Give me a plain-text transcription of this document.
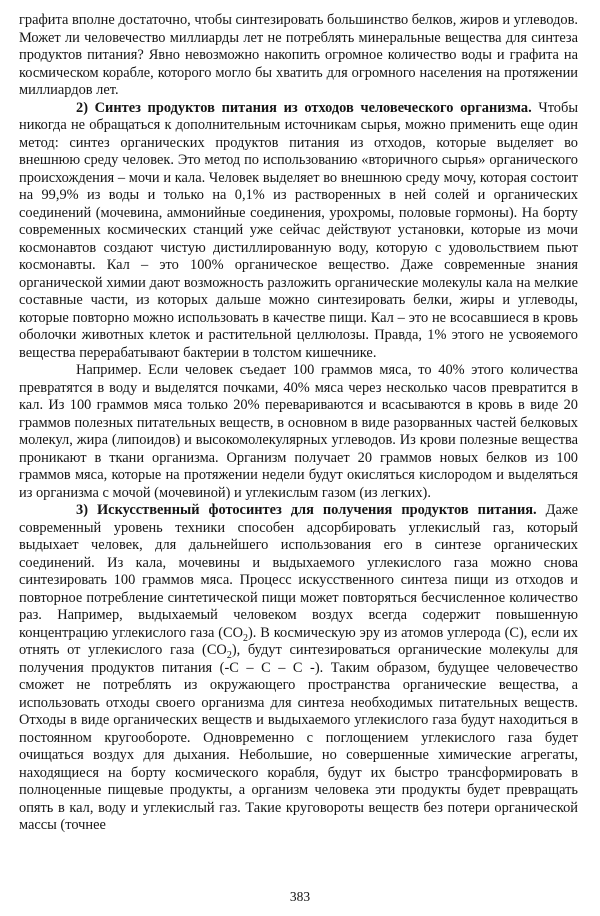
графита вполне достаточно, чтобы синтезировать большинство белков, жиров и углеводов. Может ли человечество миллиарды лет не потреблять минеральные вещества для синтеза продуктов питания? Явно невозможно накопить огромное количество воды и графита на космическом корабле, которого могло бы хватить для огромного населения на протяжении миллиардов лет.

2) Синтез продуктов питания из отходов человеческого организма. Чтобы никогда не обращаться к дополнительным источникам сырья, можно применить еще один метод: синтез органических продуктов питания из отходов, которые выделяет во внешнюю среду человек. Это метод по использованию «вторичного сырья» органического происхождения – мочи и кала. Человек выделяет во внешнюю среду мочу, которая состоит на 99,9% из воды и только на 0,1% из растворенных в ней солей и органических соединений (мочевина, аммонийные соединения, урохромы, половые гормоны). На борту современных космических станций уже сейчас действуют установки, которые из мочи космонавтов создают чистую дистиллированную воду, которую с удовольствием пьют космонавты. Кал – это 100% органическое вещество. Даже современные знания органической химии дают возможность разложить органические молекулы кала на мелкие составные части, из которых дальше можно синтезировать белки, жиры и углеводы, которые повторно можно использовать в качестве пищи. Кал – это не всосавшиеся в кровь оболочки животных клеток и растительной целлюлозы. Правда, 1% этого не усвояемого вещества перерабатывают бактерии в толстом кишечнике.

Например. Если человек съедает 100 граммов мяса, то 40% этого количества превратятся в воду и выделятся почками, 40% мяса через несколько часов превратится в кал. Из 100 граммов мяса только 20% перевариваются и всасываются в кровь в виде 20 граммов полезных питательных веществ, в основном в виде разорванных частей белковых молекул, жира (липоидов) и высокомолекулярных углеводов. Из крови полезные вещества проникают в ткани организма. Организм получает 20 граммов новых белков из 100 граммов мяса, которые на протяжении недели будут окисляться кислородом и выделяться из организма с мочой (мочевиной) и углекислым газом (из легких).

3) Искусственный фотосинтез для получения продуктов питания. Даже современный уровень техники способен адсорбировать углекислый газ, который выдыхает человек, для дальнейшего использования его в синтезе органических соединений. Из кала, мочевины и выдыхаемого углекислого газа можно снова синтезировать 100 граммов мяса. Процесс искусственного синтеза пищи из отходов и повторное потребление синтетической пищи может повторяться бесчисленное количество раз. Например, выдыхаемый человеком воздух всегда содержит повышенную концентрацию углекислого газа $(CO_2)$. В космическую эру из атомов углерода (C), если их отнять от углекислого газа $(CO_2)$, будут синтезироваться органические молекулы для получения продуктов питания (-C – C – C -). Таким образом, будущее человечество сможет не потреблять из окружающего пространства органические вещества, а использовать отходы своего организма для синтеза необходимых питательных веществ. Отходы в виде органических веществ и выдыхаемого углекислого газа будут находиться в постоянном кругообороте. Одновременно с поглощением углекислого газа будет очищаться воздух для дыхания. Небольшие, но совершенные химические агрегаты, находящиеся на борту космического корабля, будут их быстро трансформировать в полноценные пищевые продукты, а организм человека эти продукты будет превращать опять в кал, воду и углекислый газ. Такие круговороты веществ без потери органической массы (точнее

383
